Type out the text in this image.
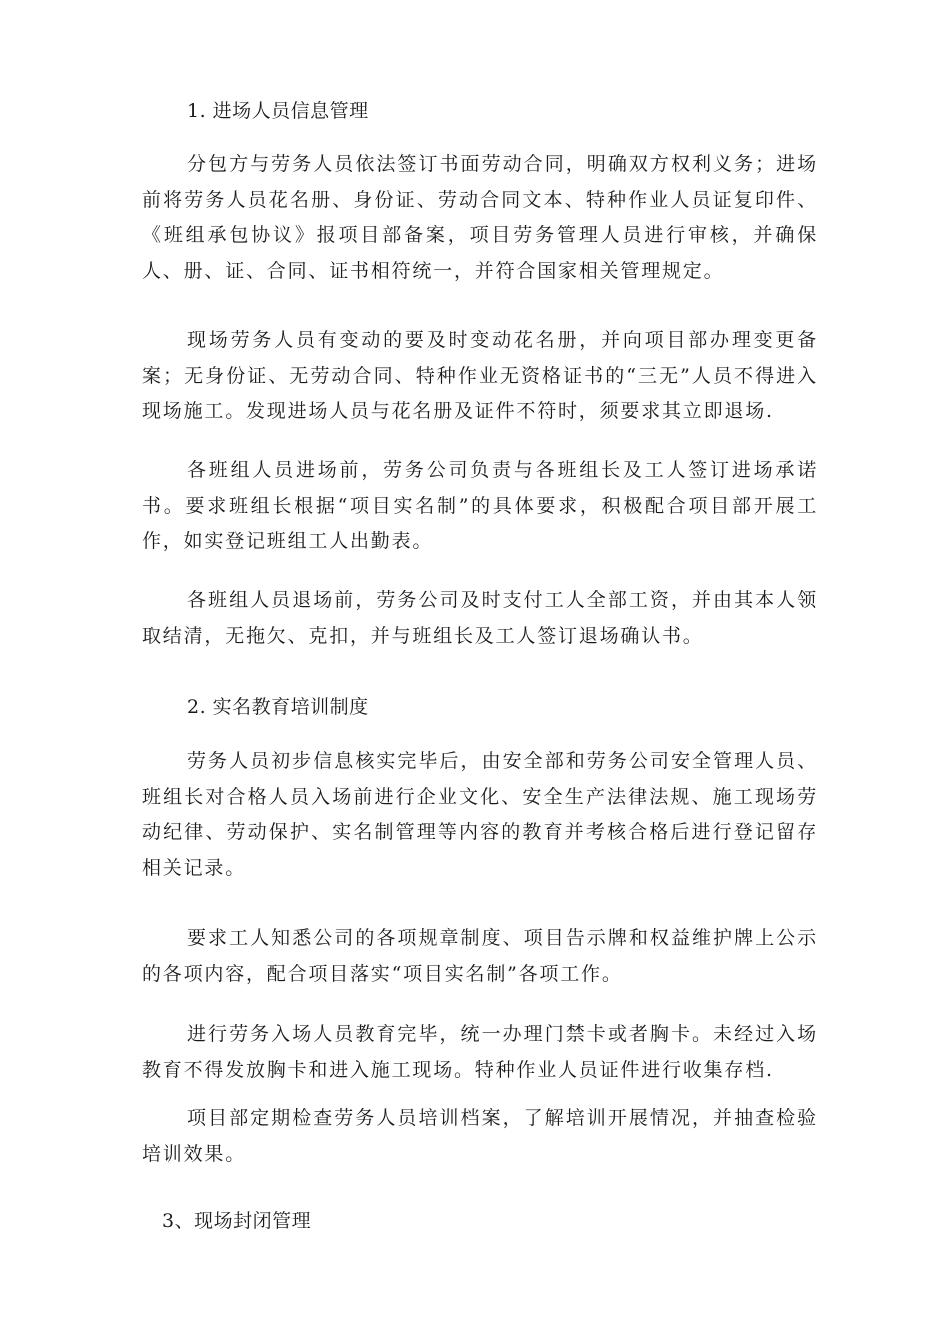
1. 进场人员信息管理

分包方与劳务人员依法签订书面劳动合同，明确双方权利义务；进场前将劳务人员花名册、身份证、劳动合同文本、特种作业人员证复印件、《班组承包协议》报项目部备案，项目劳务管理人员进行审核，并确保人、册、证、合同、证书相符统一，并符合国家相关管理规定。

现场劳务人员有变动的要及时变动花名册，并向项目部办理变更备案；无身份证、无劳动合同、特种作业无资格证书的“三无”人员不得进入现场施工。发现进场人员与花名册及证件不符时，须要求其立即退场.

各班组人员进场前，劳务公司负责与各班组长及工人签订进场承诺书。要求班组长根据“项目实名制”的具体要求，积极配合项目部开展工作，如实登记班组工人出勤表。

各班组人员退场前，劳务公司及时支付工人全部工资，并由其本人领取结清，无拖欠、克扣，并与班组长及工人签订退场确认书。

2. 实名教育培训制度

劳务人员初步信息核实完毕后，由安全部和劳务公司安全管理人员、班组长对合格人员入场前进行企业文化、安全生产法律法规、施工现场劳动纪律、劳动保护、实名制管理等内容的教育并考核合格后进行登记留存相关记录。

要求工人知悉公司的各项规章制度、项目告示牌和权益维护牌上公示的各项内容，配合项目落实“项目实名制”各项工作。

进行劳务入场人员教育完毕，统一办理门禁卡或者胸卡。未经过入场教育不得发放胸卡和进入施工现场。特种作业人员证件进行收集存档.

项目部定期检查劳务人员培训档案，了解培训开展情况，并抽查检验培训效果。

3、现场封闭管理
